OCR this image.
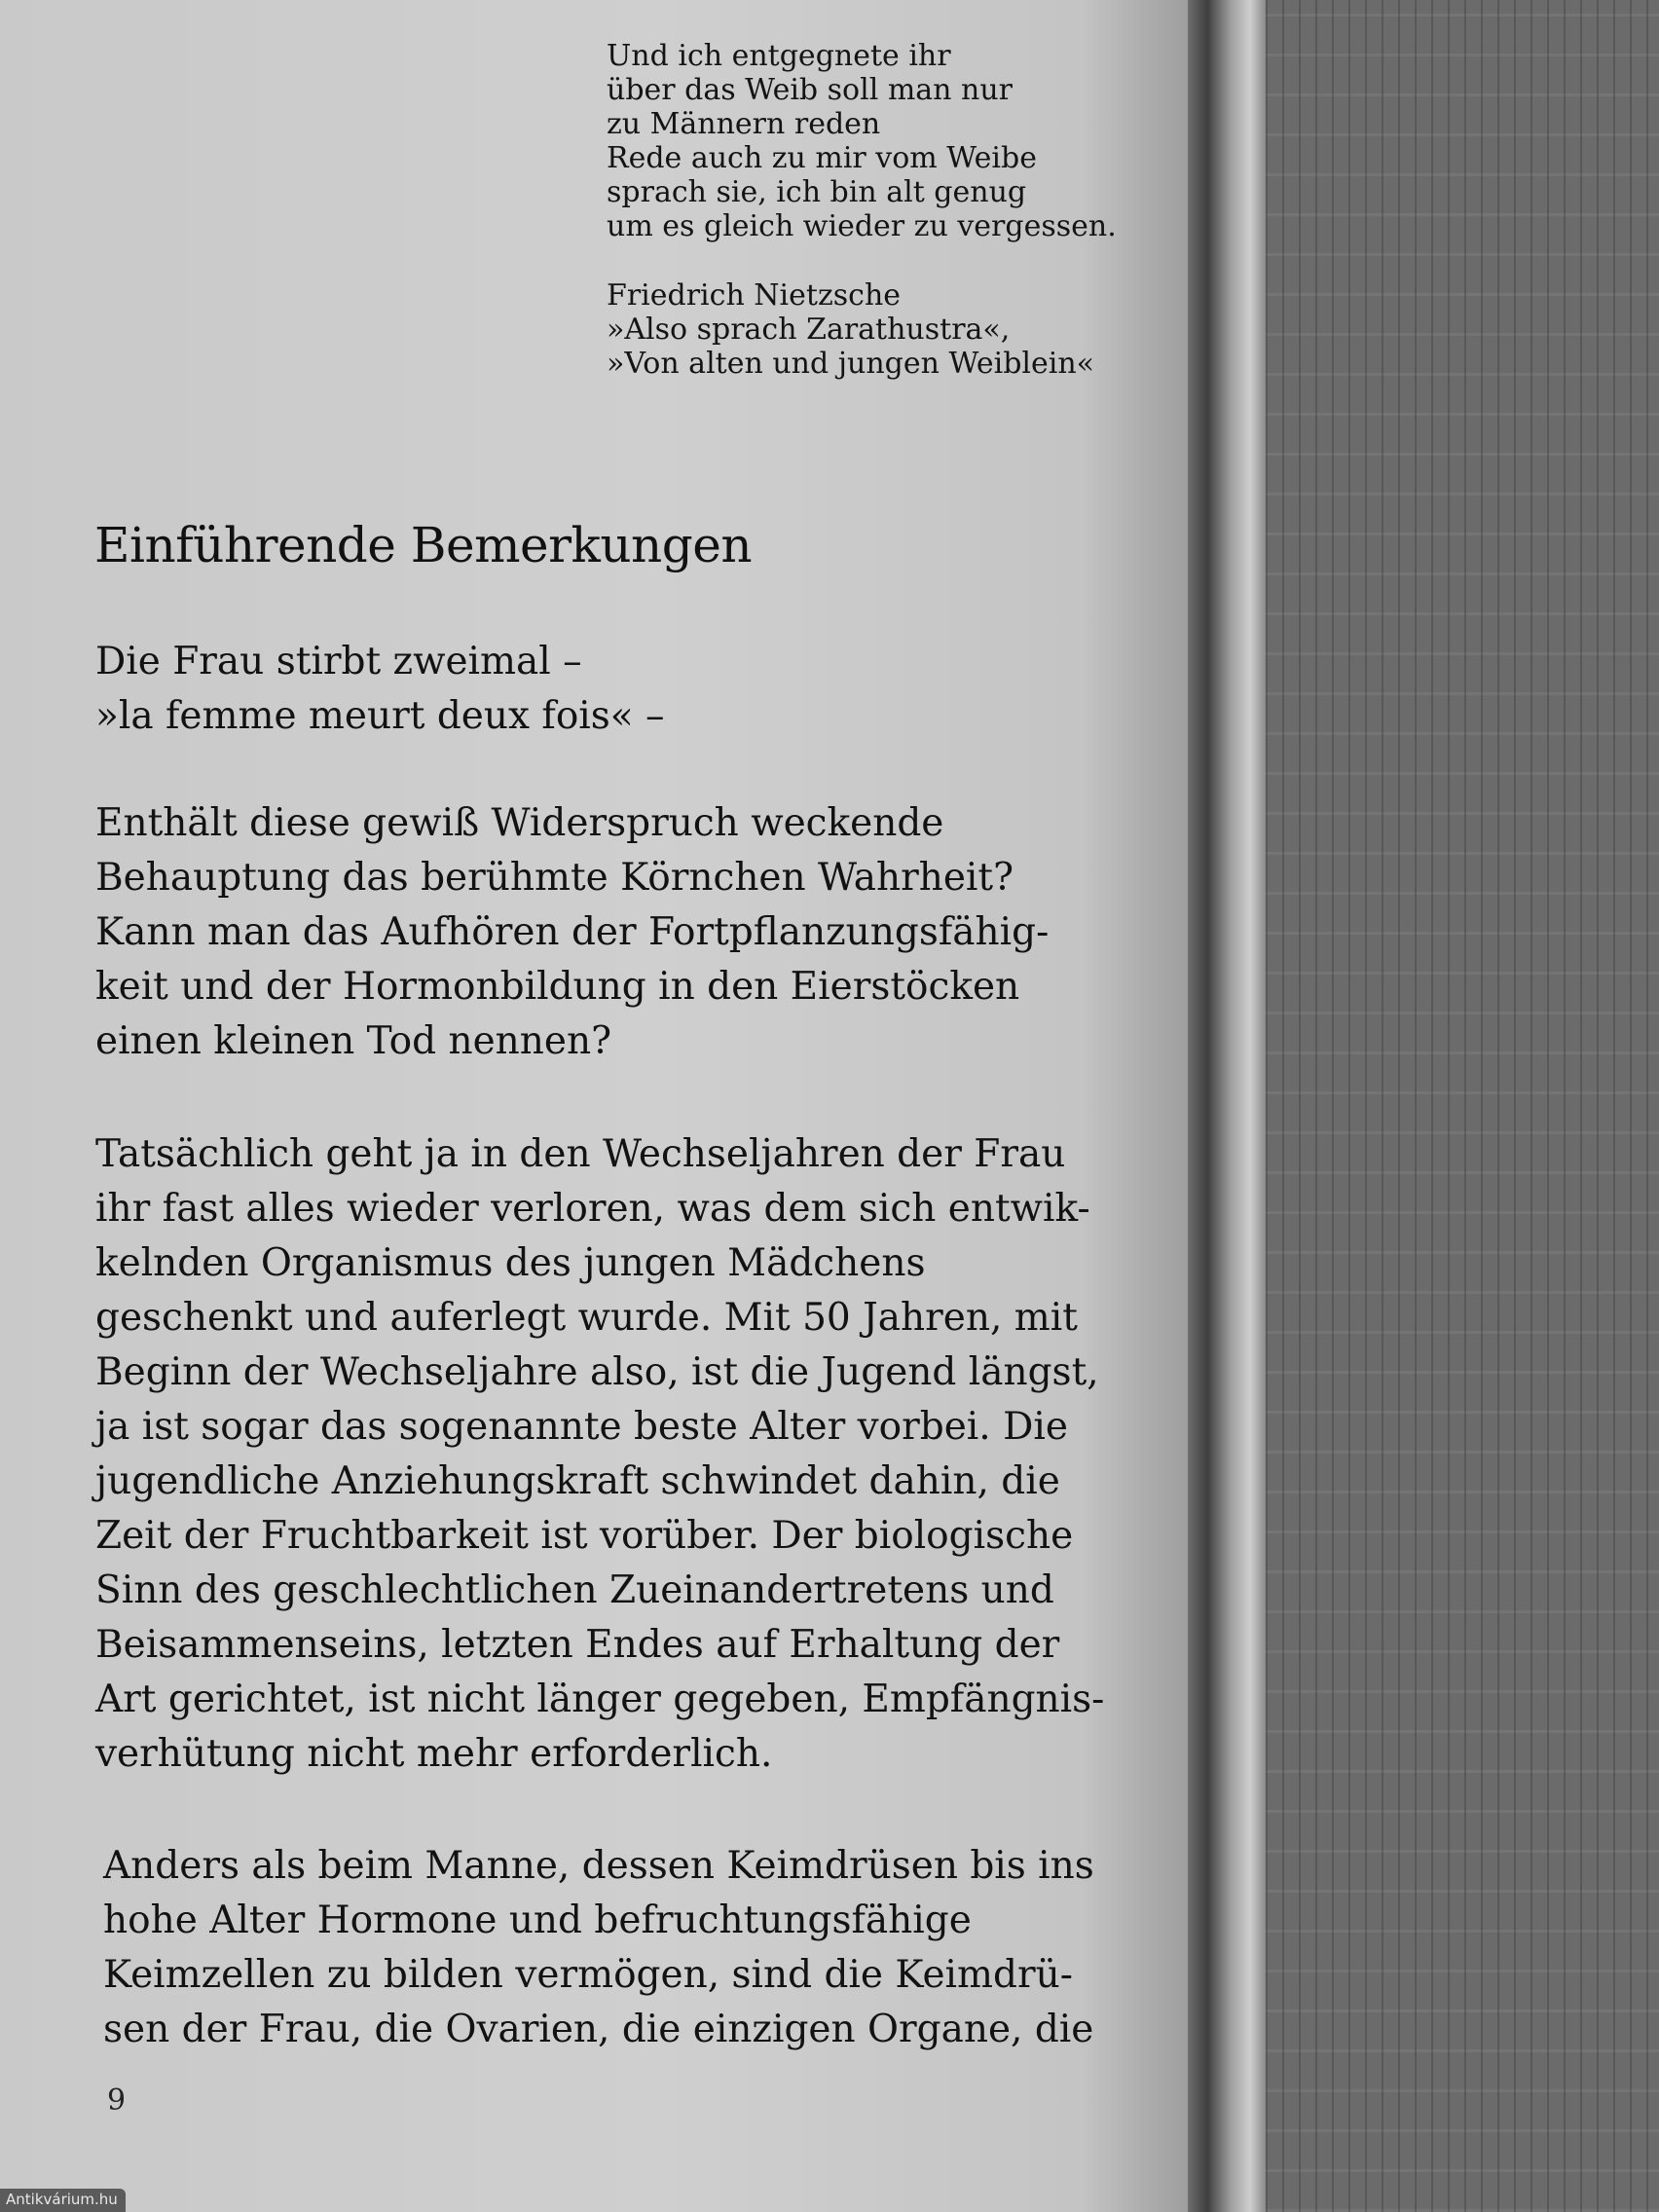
Und ich entgegnete ihr
über das Weib soll man nur
zu Männern reden
Rede auch zu mir vom Weibe
sprach sie, ich bin alt genug
um es gleich wieder zu vergessen.
Friedrich Nietzsche
»Also sprach Zarathustra«,
»Von alten und jungen Weiblein«
Einführende Bemerkungen
Die Frau stirbt zweimal –
»la femme meurt deux fois« –
Enthält diese gewiß Widerspruch weckende
Behauptung das berühmte Körnchen Wahrheit?
Kann man das Aufhören der Fortpflanzungsfähig-
keit und der Hormonbildung in den Eierstöcken
einen kleinen Tod nennen?
Tatsächlich geht ja in den Wechseljahren der Frau
ihr fast alles wieder verloren, was dem sich entwik-
kelnden Organismus des jungen Mädchens
geschenkt und auferlegt wurde. Mit 50 Jahren, mit
Beginn der Wechseljahre also, ist die Jugend längst,
ja ist sogar das sogenannte beste Alter vorbei. Die
jugendliche Anziehungskraft schwindet dahin, die
Zeit der Fruchtbarkeit ist vorüber. Der biologische
Sinn des geschlechtlichen Zueinandertretens und
Beisammenseins, letzten Endes auf Erhaltung der
Art gerichtet, ist nicht länger gegeben, Empfängnis-
verhütung nicht mehr erforderlich.
Anders als beim Manne, dessen Keimdrüsen bis ins
hohe Alter Hormone und befruchtungsfähige
Keimzellen zu bilden vermögen, sind die Keimdrü-
sen der Frau, die Ovarien, die einzigen Organe, die
9
Antikvárium.hu
